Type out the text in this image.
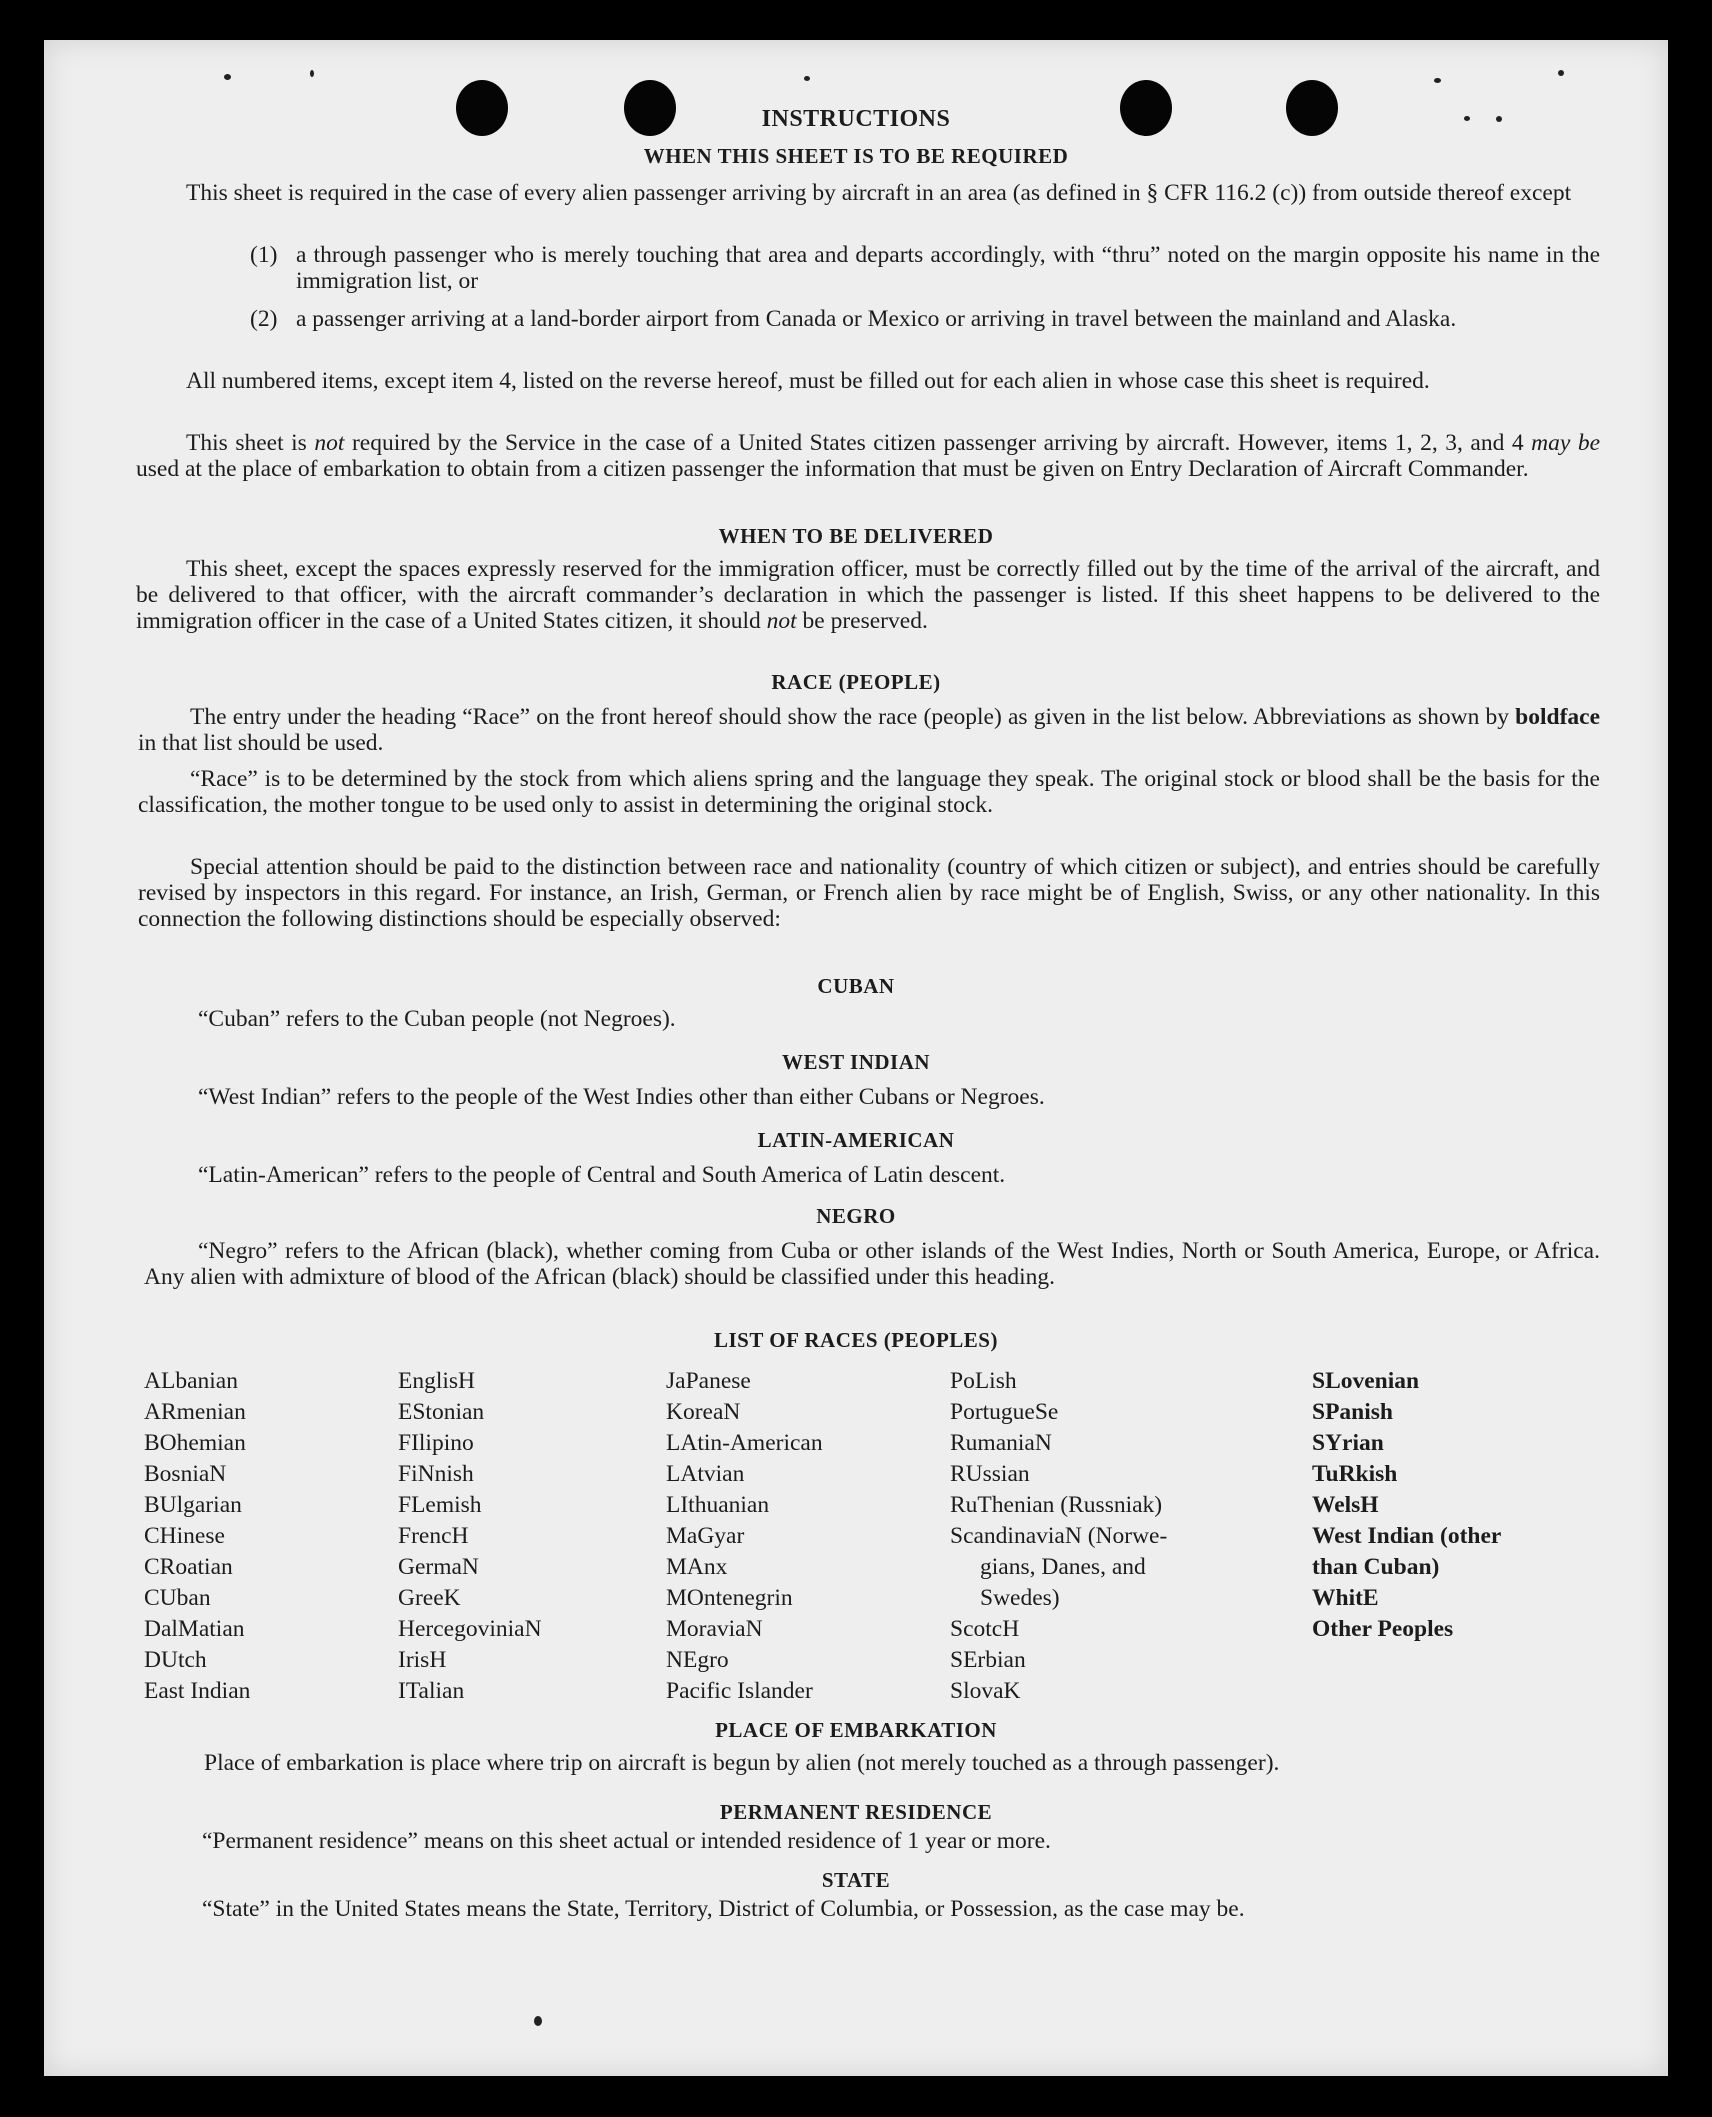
INSTRUCTIONS
WHEN THIS SHEET IS TO BE REQUIRED
This sheet is required in the case of every alien passenger arriving by aircraft in an area (as defined in § CFR 116.2 (c)) from outside thereof except
(1) a through passenger who is merely touching that area and departs accordingly, with “thru” noted on the margin opposite his name in the immigration list, or
(2) a passenger arriving at a land-border airport from Canada or Mexico or arriving in travel between the mainland and Alaska.
All numbered items, except item 4, listed on the reverse hereof, must be filled out for each alien in whose case this sheet is required.
This sheet is not required by the Service in the case of a United States citizen passenger arriving by aircraft. However, items 1, 2, 3, and 4 may be used at the place of embarkation to obtain from a citizen passenger the information that must be given on Entry Declaration of Aircraft Commander.
WHEN TO BE DELIVERED
This sheet, except the spaces expressly reserved for the immigration officer, must be correctly filled out by the time of the arrival of the aircraft, and be delivered to that officer, with the aircraft commander’s declaration in which the passenger is listed. If this sheet happens to be delivered to the immigration officer in the case of a United States citizen, it should not be preserved.
RACE (PEOPLE)
The entry under the heading “Race” on the front hereof should show the race (people) as given in the list below. Abbreviations as shown by boldface in that list should be used.
“Race” is to be determined by the stock from which aliens spring and the language they speak. The original stock or blood shall be the basis for the classification, the mother tongue to be used only to assist in determining the original stock.
Special attention should be paid to the distinction between race and nationality (country of which citizen or subject), and entries should be carefully revised by inspectors in this regard. For instance, an Irish, German, or French alien by race might be of English, Swiss, or any other nationality. In this connection the following distinctions should be especially observed:
CUBAN
“Cuban” refers to the Cuban people (not Negroes).
WEST INDIAN
“West Indian” refers to the people of the West Indies other than either Cubans or Negroes.
LATIN-AMERICAN
“Latin-American” refers to the people of Central and South America of Latin descent.
NEGRO
“Negro” refers to the African (black), whether coming from Cuba or other islands of the West Indies, North or South America, Europe, or Africa. Any alien with admixture of blood of the African (black) should be classified under this heading.
LIST OF RACES (PEOPLES)
ALbanian
ARmenian
BOhemian
BosniaN
BUlgarian
CHinese
CRoatian
CUban
DalMatian
DUtch
East Indian
EnglisH
EStonian
FIlipino
FiNnish
FLemish
FrencH
GermaN
GreeK
HercegoviniaN
IrisH
ITalian
JaPanese
KoreaN
LAtin-American
LAtvian
LIthuanian
MaGyar
MAnx
MOntenegrin
MoraviaN
NEgro
Pacific Islander
PoLish
PortugueSe
RumaniaN
RUssian
RuThenian (Russniak)
ScandinaviaN (Norwe-
gians, Danes, and
Swedes)
ScotcH
SErbian
SlovaK
SLovenian
SPanish
SYrian
TuRkish
WelsH
West Indian (other
than Cuban)
WhitE
Other Peoples
PLACE OF EMBARKATION
Place of embarkation is place where trip on aircraft is begun by alien (not merely touched as a through passenger).
PERMANENT RESIDENCE
“Permanent residence” means on this sheet actual or intended residence of 1 year or more.
STATE
“State” in the United States means the State, Territory, District of Columbia, or Possession, as the case may be.
